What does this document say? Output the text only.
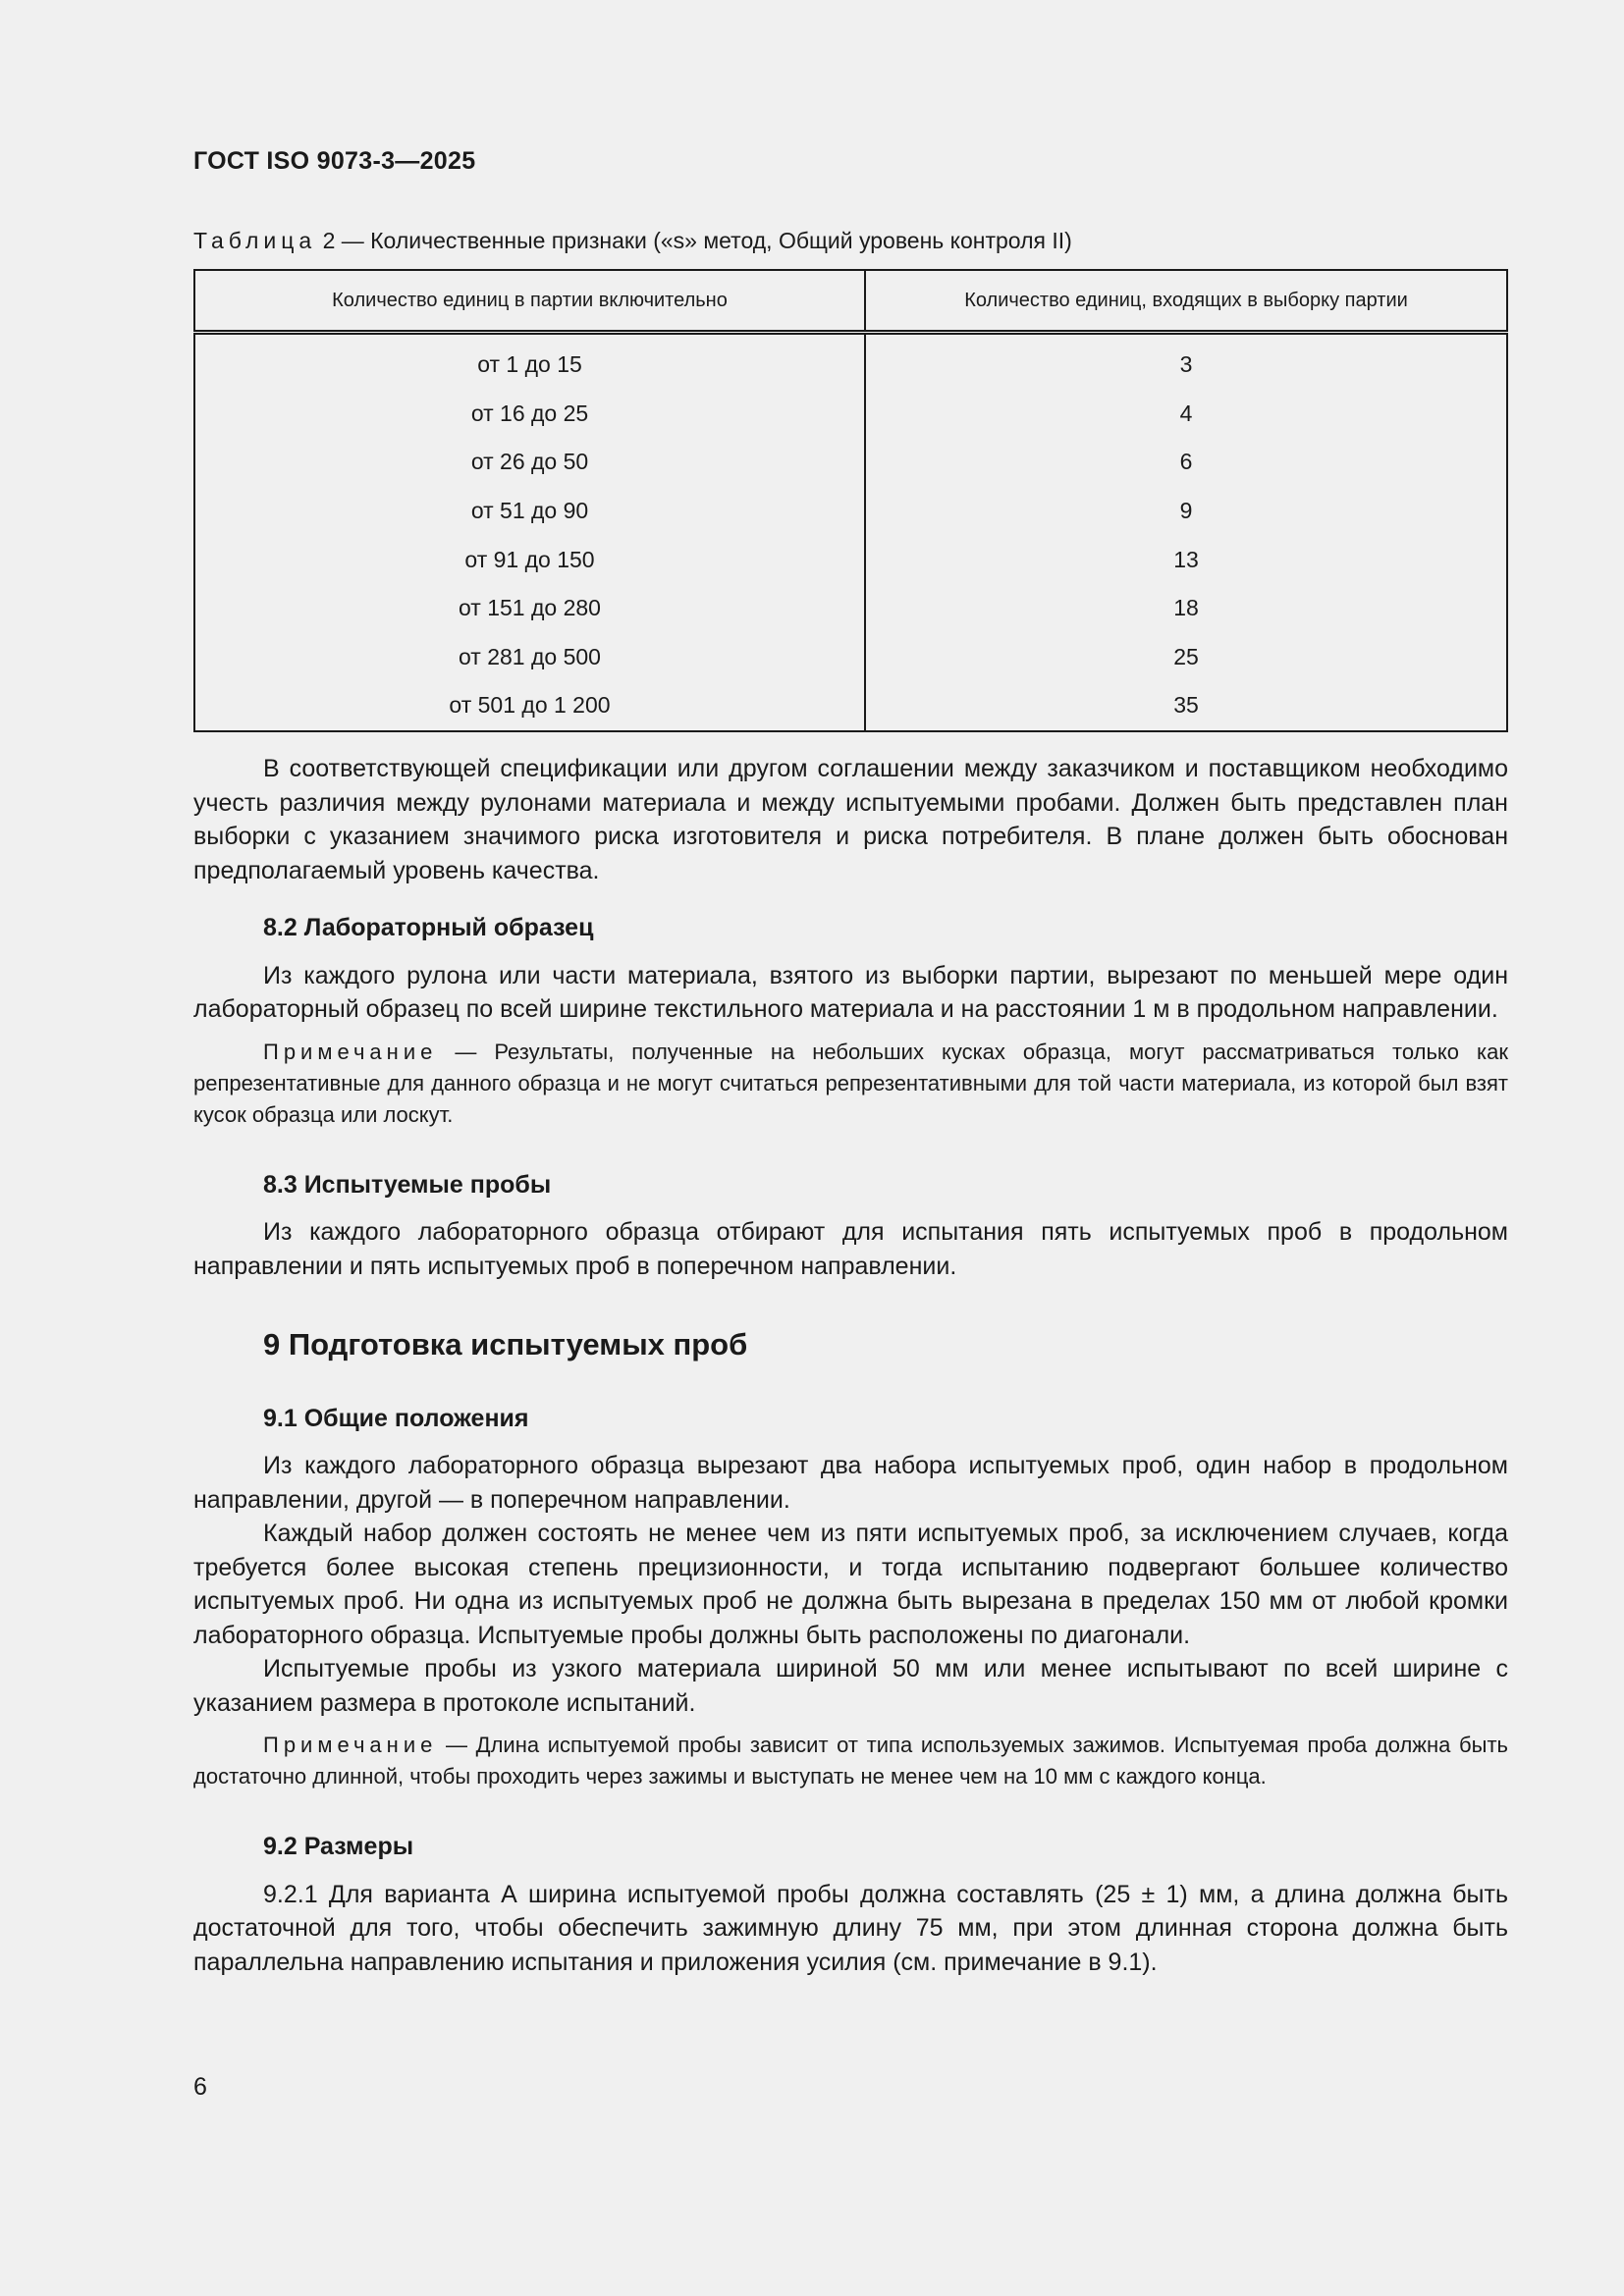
ГОСТ ISO 9073-3—2025
Таблица 2 — Количественные признаки («s» метод, Общий уровень контроля II)
Количество единиц в партии включительно	Количество единиц, входящих в выборку партии
от 1 до 15	3
от 16 до 25	4
от 26 до 50	6
от 51 до 90	9
от 91 до 150	13
от 151 до 280	18
от 281 до 500	25
от 501 до 1 200	35

В соответствующей спецификации или другом соглашении между заказчиком и поставщиком необходимо учесть различия между рулонами материала и между испытуемыми пробами. Должен быть представлен план выборки с указанием значимого риска изготовителя и риска потребителя. В плане должен быть обоснован предполагаемый уровень качества.

8.2 Лабораторный образец

Из каждого рулона или части материала, взятого из выборки партии, вырезают по меньшей мере один лабораторный образец по всей ширине текстильного материала и на расстоянии 1 м в продольном направлении.

Примечание — Результаты, полученные на небольших кусках образца, могут рассматриваться только как репрезентативные для данного образца и не могут считаться репрезентативными для той части материала, из которой был взят кусок образца или лоскут.

8.3 Испытуемые пробы

Из каждого лабораторного образца отбирают для испытания пять испытуемых проб в продольном направлении и пять испытуемых проб в поперечном направлении.

9 Подготовка испытуемых проб
9.1 Общие положения

Из каждого лабораторного образца вырезают два набора испытуемых проб, один набор в продольном направлении, другой — в поперечном направлении.

Каждый набор должен состоять не менее чем из пяти испытуемых проб, за исключением случаев, когда требуется более высокая степень прецизионности, и тогда испытанию подвергают большее количество испытуемых проб. Ни одна из испытуемых проб не должна быть вырезана в пределах 150 мм от любой кромки лабораторного образца. Испытуемые пробы должны быть расположены по диагонали.

Испытуемые пробы из узкого материала шириной 50 мм или менее испытывают по всей ширине с указанием размера в протоколе испытаний.

Примечание — Длина испытуемой пробы зависит от типа используемых зажимов. Испытуемая проба должна быть достаточно длинной, чтобы проходить через зажимы и выступать не менее чем на 10 мм с каждого конца.

9.2 Размеры

9.2.1 Для варианта А ширина испытуемой пробы должна составлять (25 ± 1) мм, а длина должна быть достаточной для того, чтобы обеспечить зажимную длину 75 мм, при этом длинная сторона должна быть параллельна направлению испытания и приложения усилия (см. примечание в 9.1).

6
